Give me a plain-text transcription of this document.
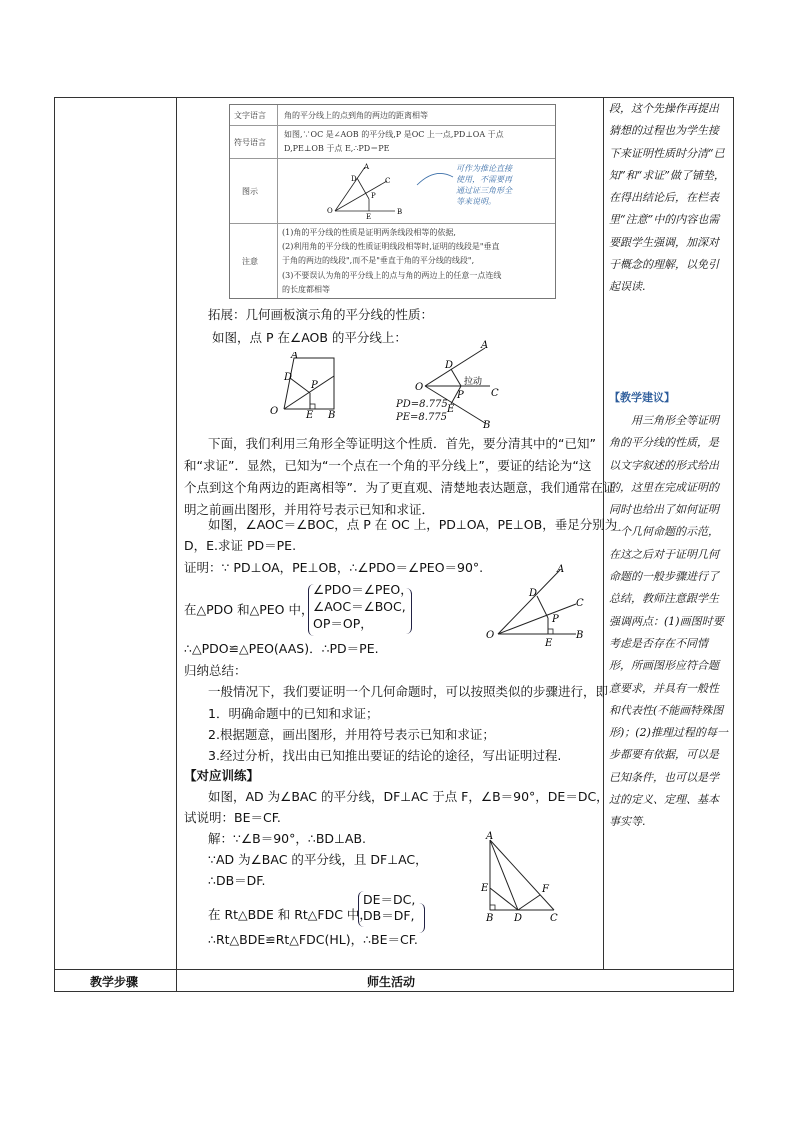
文字语言 角的平分线上的点到角的两边的距离相等
符号语言
如图,∵OC 是∠AOB 的平分线,P 是OC 上一点,PD⊥OA 于点
D,PE⊥OB 于点 E,∴PD＝PE
图示
A
D	C
P
O
E
B
可作为推论直接
使用，不需要再
通过证三角形全
等来说明。
注意
(1)角的平分线的性质是证明两条线段相等的依据,
(2)利用角的平分线的性质证明线段相等时,证明的线段是"垂直
于角的两边的线段",而不是"垂直于角的平分线的线段",
(3)不要误认为角的平分线上的点与角的两边上的任意一点连线
的长度都相等
拓展：几何画板演示角的平分线的性质：
如图，点 P 在∠AOB 的平分线上：
A
D
P
O	E B
A
D
拉动
C
P
O
E
B
PD=8.775
PE=8.775
下面，我们利用三角形全等证明这个性质．首先，要分清其中的“已知”
和“求证”．显然，已知为“一个点在一个角的平分线上”，要证的结论为“这
个点到这个角两边的距离相等”．为了更直观、清楚地表达题意，我们通常在证
明之前画出图形，并用符号表示已知和求证．
如图，∠AOC＝∠BOC，点 P 在 OC 上，PD⊥OA，PE⊥OB，垂足分别为
D，E.求证 PD＝PE.
证明：∵ PD⊥OA，PE⊥OB，∴∠PDO＝∠PEO＝90°.
在△PDO 和△PEO 中，
∠PDO＝∠PEO，
∠AOC＝∠BOC,
OP＝OP，
∴△PDO≌△PEO(AAS)．∴PD＝PE.
A
D
C
P
O
E
B
归纳总结：
一般情况下，我们要证明一个几何命题时，可以按照类似的步骤进行，即
1．明确命题中的已知和求证；
2.根据题意，画出图形，并用符号表示已知和求证；
3.经过分析，找出由已知推出要证的结论的途径，写出证明过程.
【对应训练】
如图，AD 为∠BAC 的平分线，DF⊥AC 于点 F，∠B＝90°，DE＝DC，
试说明：BE＝CF.
解：∵∠B＝90°，∴BD⊥AB.
∵AD 为∠BAC 的平分线，且 DF⊥AC，
∴DB＝DF.
在 Rt△BDE 和 Rt△FDC 中，
DE＝DC,
DB＝DF,
∴Rt△BDE≌Rt△FDC(HL)，∴BE＝CF.
A
E	F
B D	C
段，这个先操作再提出猜想的过程也为学生接下来证明性质时分清“已知”和“求证”做了铺垫，在得出结论后，在栏表里“注意”中的内容也需要跟学生强调，加深对于概念的理解，以免引起误读.
【教学建议】
用三角形全等证明角的平分线的性质，是以文字叙述的形式给出的，这里在完成证明的同时也给出了如何证明一个几何命题的示范，在这之后对于证明几何命题的一般步骤进行了总结，教师注意跟学生强调两点：(1)画图时要考虑是否存在不同情形，所画图形应符合题意要求，并具有一般性和代表性(不能画特殊图形)；(2)推理过程的每一步都要有依据，可以是已知条件，也可以是学过的定义、定理、基本事实等.
教学步骤	师生活动
